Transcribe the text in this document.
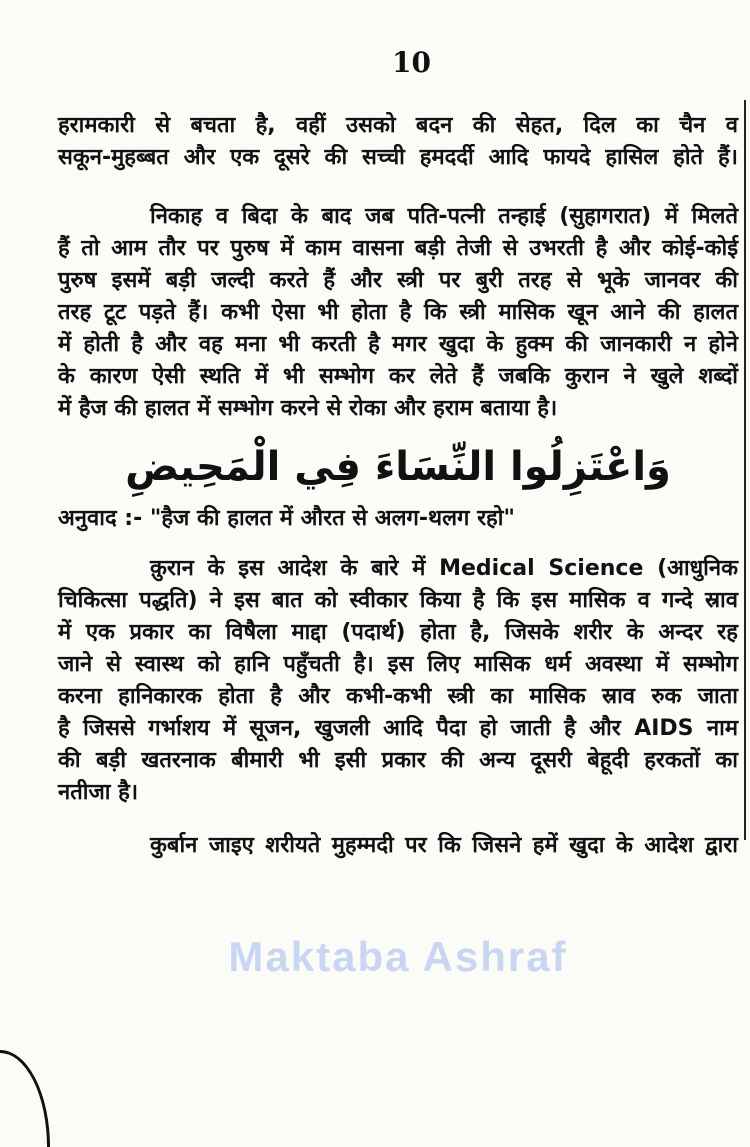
10
हरामकारी से बचता है, वहीं उसको बदन की सेहत, दिल का चैन व
सकून-मुहब्बत और एक दूसरे की सच्ची हमदर्दी आदि फायदे हासिल होते हैं।
निकाह व बिदा के बाद जब पति-पत्नी तन्हाई (सुहागरात) में मिलते
हैं तो आम तौर पर पुरुष में काम वासना बड़ी तेजी से उभरती है और कोई-कोई
पुरुष इसमें बड़ी जल्दी करते हैं और स्त्री पर बुरी तरह से भूके जानवर की
तरह टूट पड़ते हैं। कभी ऐसा भी होता है कि स्त्री मासिक खून आने की हालत
में होती है और वह मना भी करती है मगर खुदा के हुक्म की जानकारी न होने
के कारण ऐसी स्थति में भी सम्भोग कर लेते हैं जबकि कुरान ने खुले शब्दों
में हैज की हालत में सम्भोग करने से रोका और हराम बताया है।
وَاعْتَزِلُوا النِّسَاءَ فِي الْمَحِيضِ
अनुवाद :- "हैज की हालत में औरत से अलग-थलग रहो"
क़ुरान के इस आदेश के बारे में Medical Science (आधुनिक
चिकित्सा पद्धति) ने इस बात को स्वीकार किया है कि इस मासिक व गन्दे स्राव
में एक प्रकार का विषैला माद्दा (पदार्थ) होता है, जिसके शरीर के अन्दर रह
जाने से स्वास्थ को हानि पहुँचती है। इस लिए मासिक धर्म अवस्था में सम्भोग
करना हानिकारक होता है और कभी-कभी स्त्री का मासिक स्राव रुक जाता
है जिससे गर्भाशय में सूजन, खुजली आदि पैदा हो जाती है और AIDS नाम
की बड़ी खतरनाक बीमारी भी इसी प्रकार की अन्य दूसरी बेहूदी हरकतों का
नतीजा है।
कुर्बान जाइए शरीयते मुहम्मदी पर कि जिसने हमें खुदा के आदेश द्वारा
Maktaba Ashraf
